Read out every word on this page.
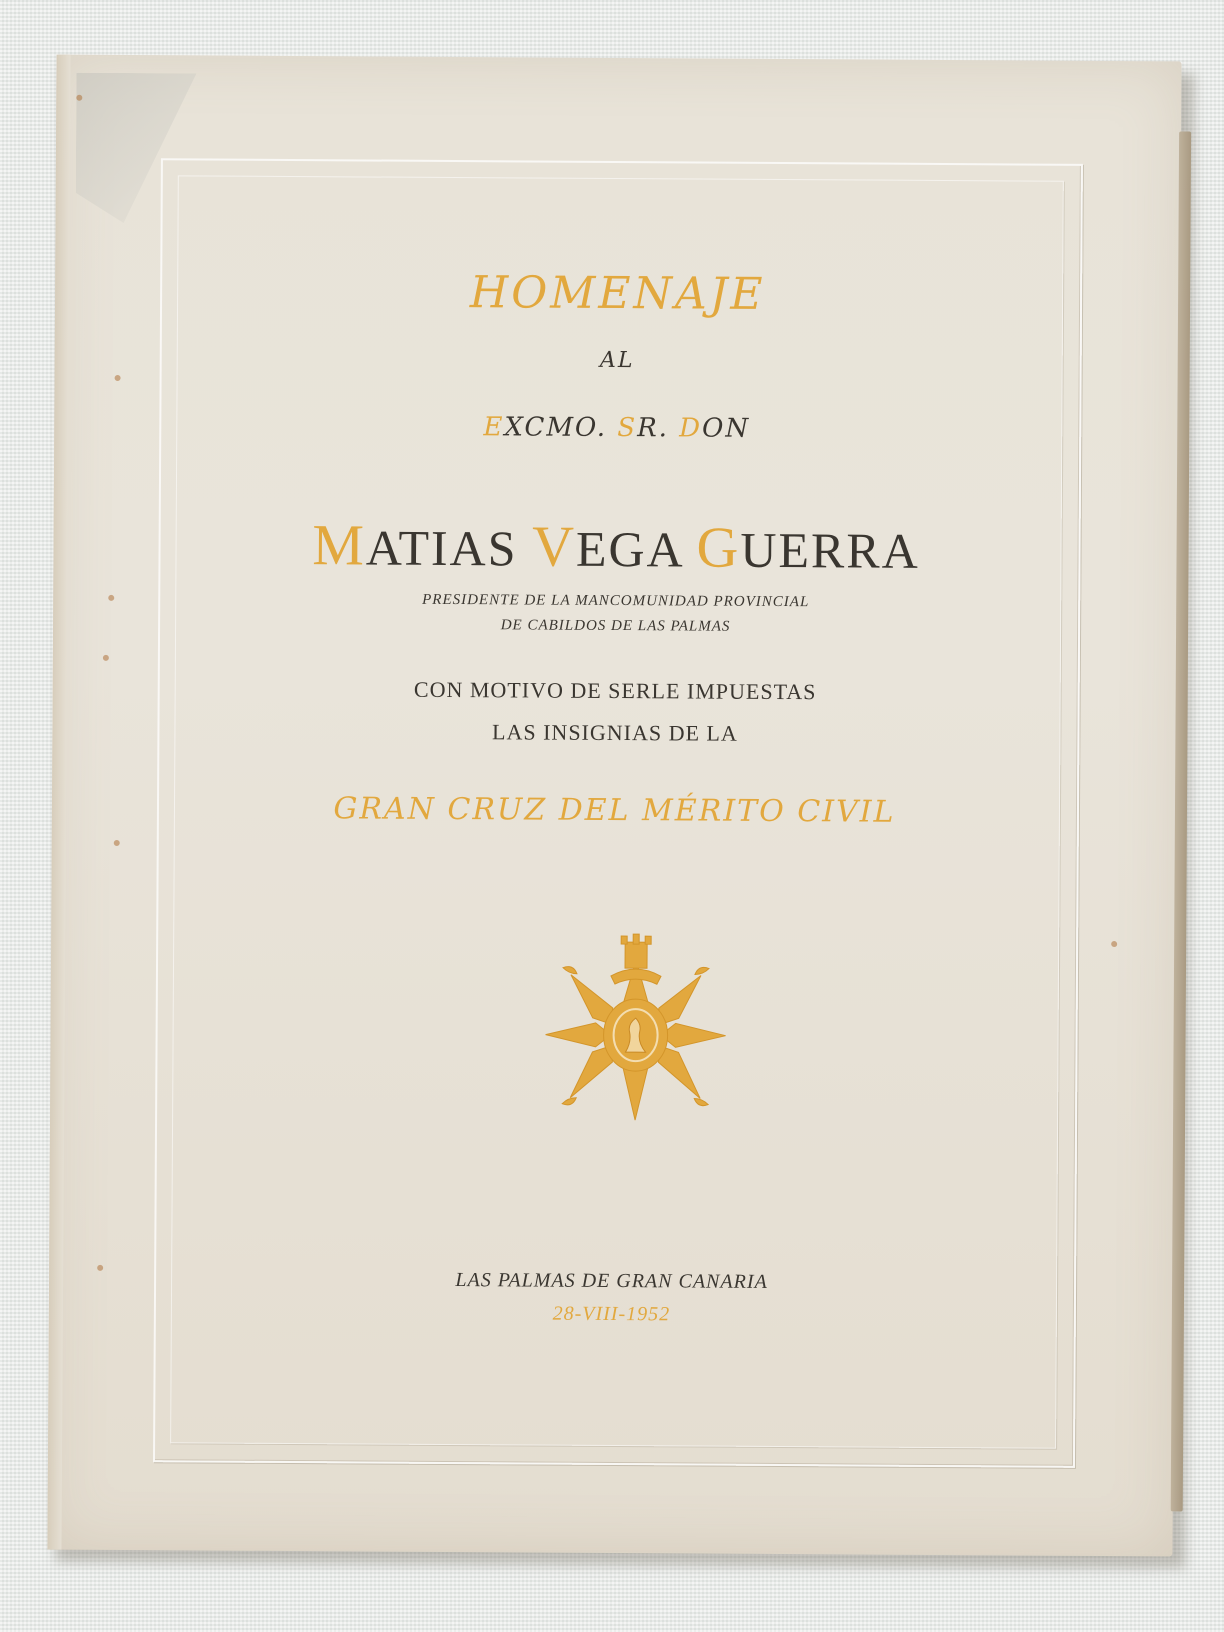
HOMENAJE
AL
EXCMO. SR. DON
MATIAS VEGA GUERRA
PRESIDENTE DE LA MANCOMUNIDAD PROVINCIAL
DE CABILDOS DE LAS PALMAS
CON MOTIVO DE SERLE IMPUESTAS
LAS INSIGNIAS DE LA
GRAN CRUZ DEL MÉRITO CIVIL
LAS PALMAS DE GRAN CANARIA
28-VIII-1952
